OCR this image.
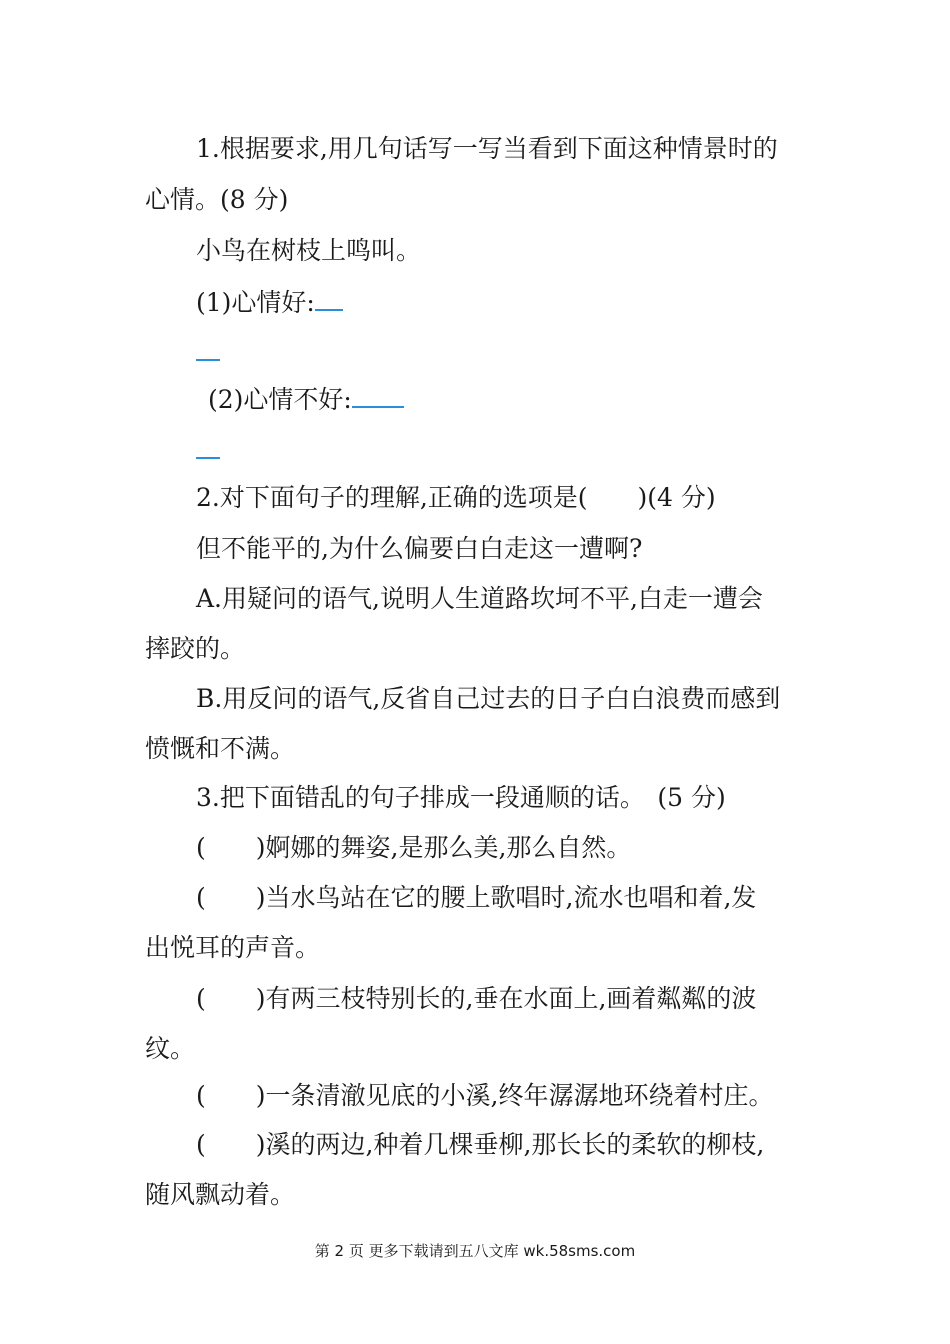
1.根据要求,用几句话写一写当看到下面这种情景时的
心情。(8 分)
小鸟在树枝上鸣叫。
(1)心情好:
(2)心情不好:
2.对下面句子的理解,正确的选项是(　　)(4 分)
但不能平的,为什么偏要白白走这一遭啊?
A.用疑问的语气,说明人生道路坎坷不平,白走一遭会
摔跤的。
B.用反问的语气,反省自己过去的日子白白浪费而感到
愤慨和不满。
3.把下面错乱的句子排成一段通顺的话。　(5 分)
(　　)婀娜的舞姿,是那么美,那么自然。
(　　)当水鸟站在它的腰上歌唱时,流水也唱和着,发
出悦耳的声音。
(　　)有两三枝特别长的,垂在水面上,画着粼粼的波
纹。
(　　)一条清澈见底的小溪,终年潺潺地环绕着村庄。
(　　)溪的两边,种着几棵垂柳,那长长的柔软的柳枝,
随风飘动着。
第 2 页 更多下载请到五八文库 wk.58sms.com
